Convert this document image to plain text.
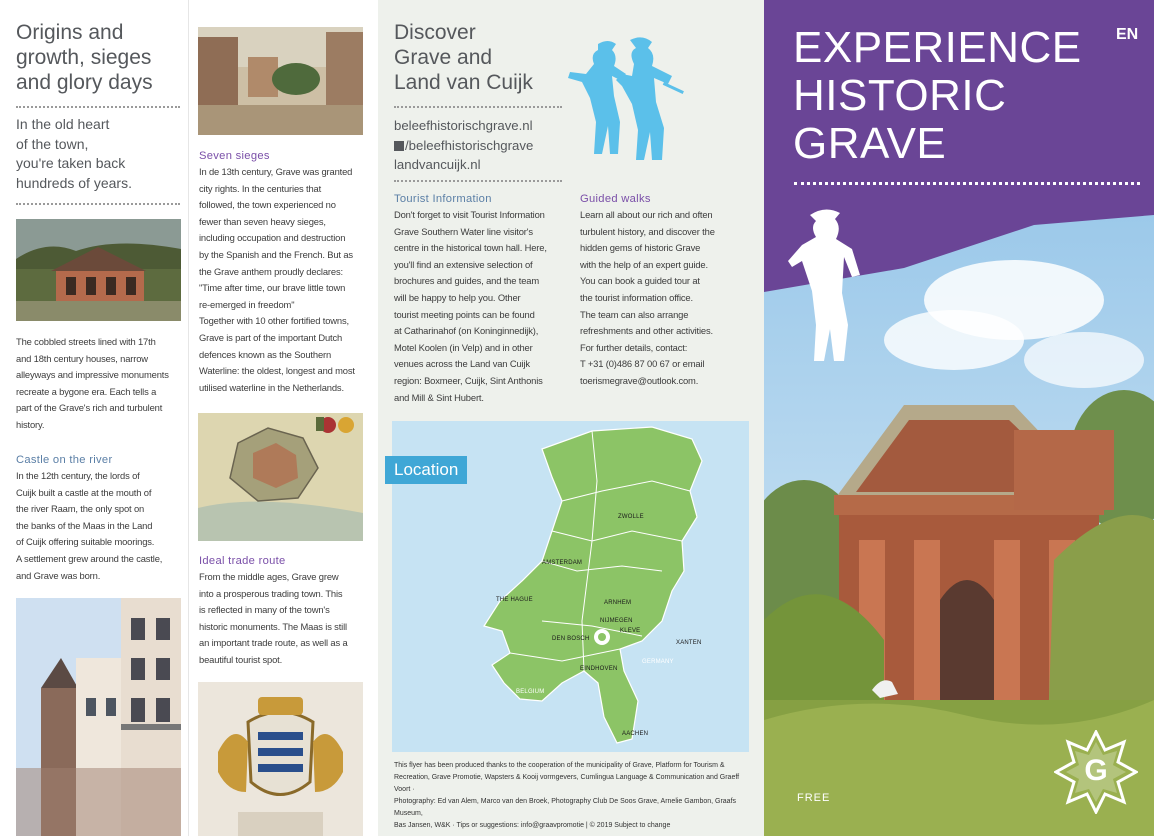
Origins and
growth, sieges
and glory days
In the old heart
of the town,
you're taken back
hundreds of years.
The cobbled streets lined with 17th
and 18th century houses, narrow
alleyways and impressive monuments
recreate a bygone era. Each tells a
part of the Grave's rich and turbulent
history.
Castle on the river
In the 12th century, the lords of
Cuijk built a castle at the mouth of
the river Raam, the only spot on
the banks of the Maas in the Land
of Cuijk offering suitable moorings.
A settlement grew around the castle,
and Grave was born.
Seven sieges
In de 13th century, Grave was granted
city rights. In the centuries that
followed, the town experienced no
fewer than seven heavy sieges,
including occupation and destruction
by the Spanish and the French. But as
the Grave anthem proudly declares:
"Time after time, our brave little town
re-emerged in freedom"
Together with 10 other fortified towns,
Grave is part of the important Dutch
defences known as the Southern
Waterline: the oldest, longest and most
utilised waterline in the Netherlands.
Ideal trade route
From the middle ages, Grave grew
into a prosperous trading town. This
is reflected in many of the town's
historic monuments. The Maas is still
an important trade route, as well as a
beautiful tourist spot.
Discover
Grave and
Land van Cuijk
beleefhistorischgrave.nl
/beleefhistorischgrave
landvancuijk.nl
Tourist Information
Don't forget to visit Tourist Information
Grave Southern Water line visitor's
centre in the historical town hall. Here,
you'll find an extensive selection of
brochures and guides, and the team
will be happy to help you. Other
tourist meeting points can be found
at Catharinahof (on Koninginnedijk),
Motel Koolen (in Velp) and in other
venues across the Land van Cuijk
region: Boxmeer, Cuijk, Sint Anthonis
and Mill & Sint Hubert.
Guided walks
Learn all about our rich and often
turbulent history, and discover the
hidden gems of historic Grave
with the help of an expert guide.
You can book a guided tour at
the tourist information office.
The team can also arrange
refreshments and other activities.
For further details, contact:
T +31 (0)486 87 00 67 or email
toerismegrave@outlook.com.
ZWOLLE
AMSTERDAM
THE HAGUE	ARNHEM
NIJMEGEN
KLEVE
XANTEN
DEN BOSCH
EINDHOVEN
GERMANY
BELGIUM
AACHEN
Location
This flyer has been produced thanks to the cooperation of the municipality of Grave, Platform for Tourism &
Recreation, Grave Promotie, Wapsters & Kooij vormgevers, Cumlingua Language & Communication and Graeff Voort ·
Photography: Ed van Alem, Marco van den Broek, Photography Club De Soos Grave, Arnelie Gambon, Graafs Museum,
Bas Jansen, W&K · Tips or suggestions: info@graavpromotie | © 2019 Subject to change
EXPERIENCE
HISTORIC
GRAVE
EN
FREE
G
